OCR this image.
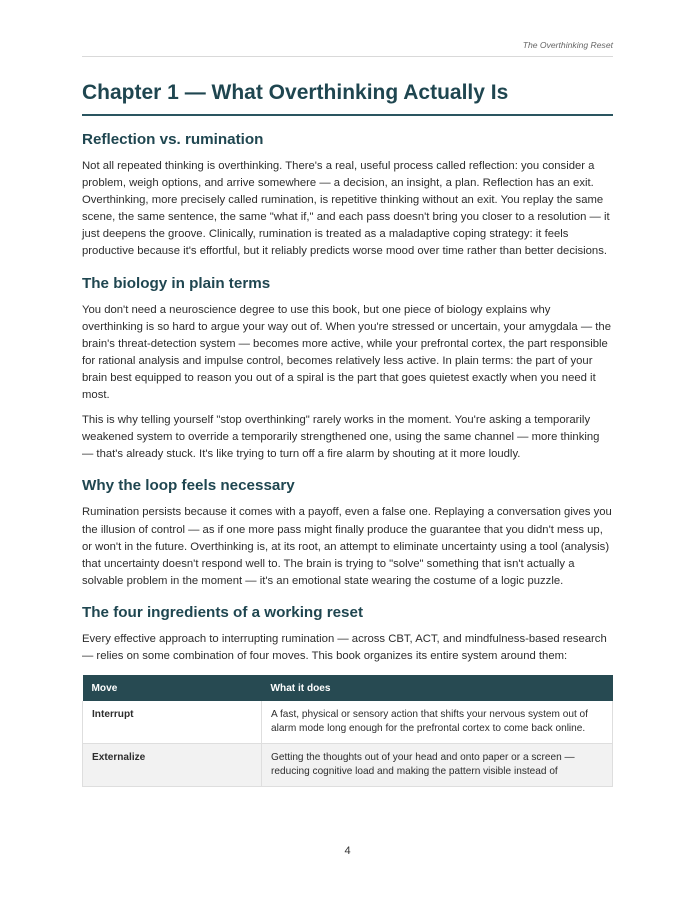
The Overthinking Reset
Chapter 1 — What Overthinking Actually Is
Reflection vs. rumination

Not all repeated thinking is overthinking. There's a real, useful process called reflection: you consider a problem, weigh options, and arrive somewhere — a decision, an insight, a plan. Reflection has an exit. Overthinking, more precisely called rumination, is repetitive thinking without an exit. You replay the same scene, the same sentence, the same "what if," and each pass doesn't bring you closer to a resolution — it just deepens the groove. Clinically, rumination is treated as a maladaptive coping strategy: it feels productive because it's effortful, but it reliably predicts worse mood over time rather than better decisions.

The biology in plain terms

You don't need a neuroscience degree to use this book, but one piece of biology explains why overthinking is so hard to argue your way out of. When you're stressed or uncertain, your amygdala — the brain's threat-detection system — becomes more active, while your prefrontal cortex, the part responsible for rational analysis and impulse control, becomes relatively less active. In plain terms: the part of your brain best equipped to reason you out of a spiral is the part that goes quietest exactly when you need it most.

This is why telling yourself "stop overthinking" rarely works in the moment. You're asking a temporarily weakened system to override a temporarily strengthened one, using the same channel — more thinking — that's already stuck. It's like trying to turn off a fire alarm by shouting at it more loudly.

Why the loop feels necessary

Rumination persists because it comes with a payoff, even a false one. Replaying a conversation gives you the illusion of control — as if one more pass might finally produce the guarantee that you didn't mess up, or won't in the future. Overthinking is, at its root, an attempt to eliminate uncertainty using a tool (analysis) that uncertainty doesn't respond well to. The brain is trying to "solve" something that isn't actually a solvable problem in the moment — it's an emotional state wearing the costume of a logic puzzle.

The four ingredients of a working reset

Every effective approach to interrupting rumination — across CBT, ACT, and mindfulness-based research — relies on some combination of four moves. This book organizes its entire system around them:

Move	What it does
Interrupt	A fast, physical or sensory action that shifts your nervous system out of alarm mode long enough for the prefrontal cortex to come back online.
Externalize	Getting the thoughts out of your head and onto paper or a screen — reducing cognitive load and making the pattern visible instead of
4
